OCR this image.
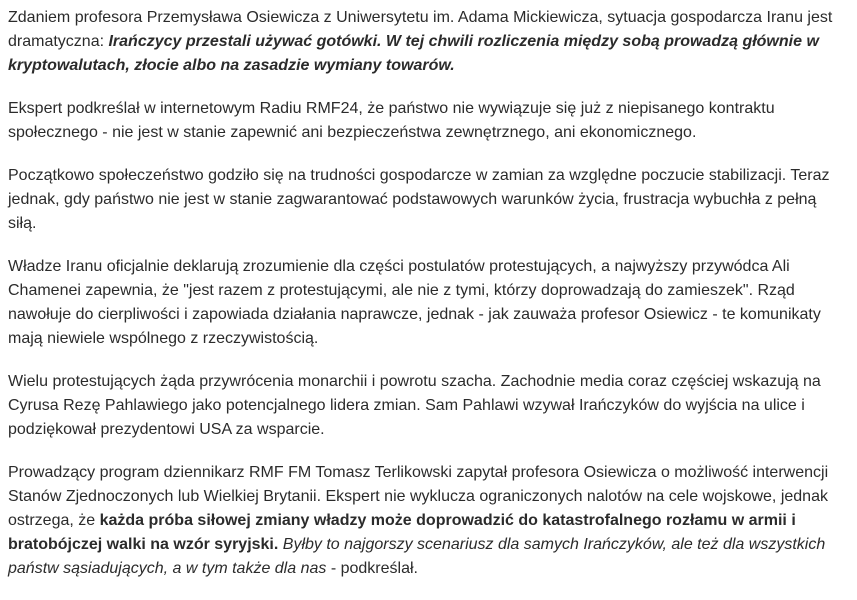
Zdaniem profesora Przemysława Osiewicza z Uniwersytetu im. Adama Mickiewicza, sytuacja gospodarcza Iranu jest dramatyczna: Irańczycy przestali używać gotówki. W tej chwili rozliczenia między sobą prowadzą głównie w kryptowalutach, złocie albo na zasadzie wymiany towarów.

Ekspert podkreślał w internetowym Radiu RMF24, że państwo nie wywiązuje się już z niepisanego kontraktu społecznego - nie jest w stanie zapewnić ani bezpieczeństwa zewnętrznego, ani ekonomicznego.

Początkowo społeczeństwo godziło się na trudności gospodarcze w zamian za względne poczucie stabilizacji. Teraz jednak, gdy państwo nie jest w stanie zagwarantować podstawowych warunków życia, frustracja wybuchła z pełną siłą.

Władze Iranu oficjalnie deklarują zrozumienie dla części postulatów protestujących, a najwyższy przywódca Ali Chamenei zapewnia, że "jest razem z protestującymi, ale nie z tymi, którzy doprowadzają do zamieszek". Rząd nawołuje do cierpliwości i zapowiada działania naprawcze, jednak - jak zauważa profesor Osiewicz - te komunikaty mają niewiele wspólnego z rzeczywistością.

Wielu protestujących żąda przywrócenia monarchii i powrotu szacha. Zachodnie media coraz częściej wskazują na Cyrusa Rezę Pahlawiego jako potencjalnego lidera zmian. Sam Pahlawi wzywał Irańczyków do wyjścia na ulice i podziękował prezydentowi USA za wsparcie.

Prowadzący program dziennikarz RMF FM Tomasz Terlikowski zapytał profesora Osiewicza o możliwość interwencji Stanów Zjednoczonych lub Wielkiej Brytanii. Ekspert nie wyklucza ograniczonych nalotów na cele wojskowe, jednak ostrzega, że każda próba siłowej zmiany władzy może doprowadzić do katastrofalnego rozłamu w armii i bratobójczej walki na wzór syryjski. Byłby to najgorszy scenariusz dla samych Irańczyków, ale też dla wszystkich państw sąsiadujących, a w tym także dla nas - podkreślał.
